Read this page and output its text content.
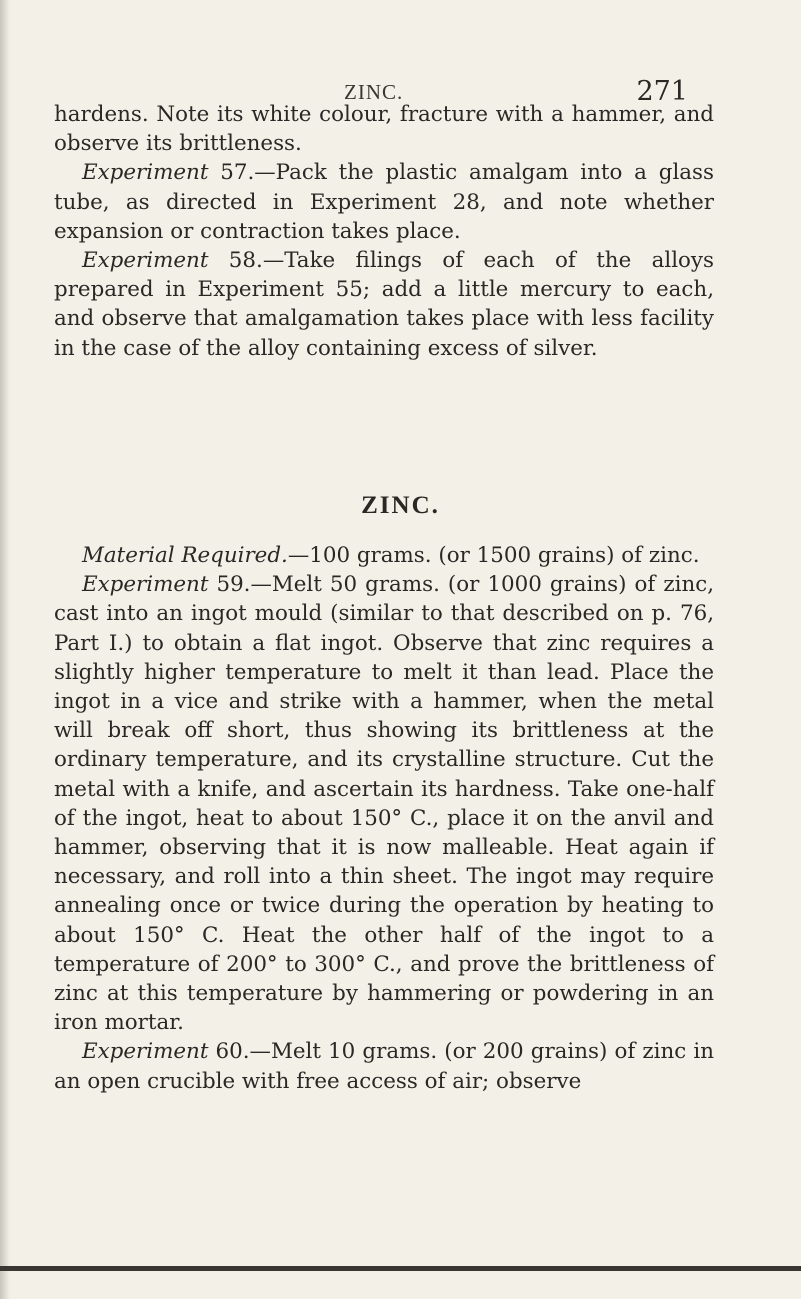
ZINC.	271

hardens. Note its white colour, fracture with a hammer, and observe its brittleness.

Experiment 57.—Pack the plastic amalgam into a glass tube, as directed in Experiment 28, and note whether expansion or contraction takes place.

Experiment 58.—Take filings of each of the alloys prepared in Experiment 55; add a little mercury to each, and observe that amalgamation takes place with less facility in the case of the alloy containing excess of silver.

ZINC.

Material Required.—100 grams. (or 1500 grains) of zinc.

Experiment 59.—Melt 50 grams. (or 1000 grains) of zinc, cast into an ingot mould (similar to that described on p. 76, Part I.) to obtain a flat ingot. Observe that zinc requires a slightly higher temperature to melt it than lead. Place the ingot in a vice and strike with a hammer, when the metal will break off short, thus showing its brittleness at the ordinary temperature, and its crystalline structure. Cut the metal with a knife, and ascertain its hardness. Take one-half of the ingot, heat to about 150° C., place it on the anvil and hammer, observing that it is now malleable. Heat again if necessary, and roll into a thin sheet. The ingot may require annealing once or twice during the operation by heating to about 150° C. Heat the other half of the ingot to a temperature of 200° to 300° C., and prove the brittleness of zinc at this temperature by hammering or powdering in an iron mortar.

Experiment 60.—Melt 10 grams. (or 200 grains) of zinc in an open crucible with free access of air; observe
